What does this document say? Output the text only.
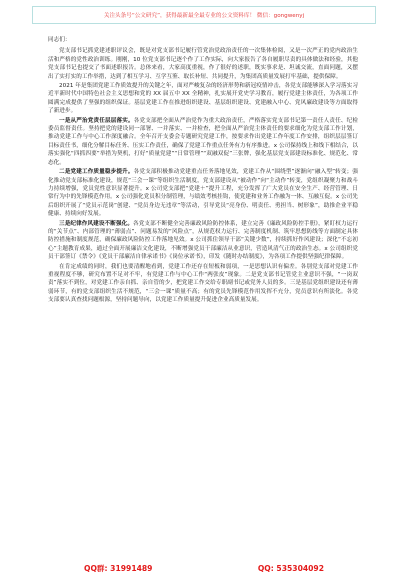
关注头条号“公文研究”，获得最新最全最专业的公文资料库！ 微信：gongwenyj

同志们：

党支部书记抓党建述职评议会，既是对党支部书记履行管党治党政治责任的一次集体检阅，又是一次严正的党内政治生活和严格的党性政治训练。刚刚，10 位党支部书记逐个作了工作实际，向大家报告了各自履职尽责的具体做法和经验，其他党支部书记也提交了书面述职报告。总体来看，大家高度重视，作了很好的述职，既实事求是、坦诚交流，直面问题，又摆出了实打实的工作举措，达到了相互学习、互学互鉴、取长补短、共同提升，为集团高质量发展打牢基础，提供保障。

2021 年是集团党建工作质效提升的关键之年，面对严峻复杂的经济形势和新冠疫情冲击，各党支部能够深入学习落实习近平新时代中国特色社会主义思想和党的 XX 届五中 XX 全精神，扎实展开党史学习教育，履行党建主体责任，为各项工作圆满完成提供了坚强的组织保证。基层党建工作在推进组织建设、基层组织建设、党建融入中心、党风廉政建设等方面取得了新进步。

一是从严治党责任层层落实。各党支部把全面从严治党作为重大政治责任，严格落实党支部书记第一责任人责任、纪检委员监督责任。坚持把党的建设同一部署、一并落实、一并检查，把全面从严治党主体责任的要求细化为党支部工作计划，推动党建工作与中心工作深度融合。全年召开支委会专题研究党建工作，按要求作出党建工作年度工作安排，组织层层签订目标责任书，细化分解目标任务、压实工作责任，确保了党建工作重点任务有力有序推进。x 公司保持线上和线下相结合，以落实强化“四抓四要”举措为契机，打好“质量党建”“日常管理”“双融双促”三张牌，强化基层党支部建设标准化、规范化、常态化。

二是党建工作质量稳步提升。各党支部积极推动党建重点任务落地见效，党建工作从“围绕型”逐渐向“融入型”转变；强化推动党支部标准化建设，规范“三会一课”等组织生活制度，党支部建设从“被动作”向“主动作”转变，党组织凝聚力和战斗力持续增强，党员党性意识显著提升。x 公司党支部把“党建＋”提升工程，充分发挥了广大党员在安全生产、经营管理、日常行为中的先锋模范作用。x 公司强化党员积分制管理，与绩效考核挂钩，使党建和业务工作融为一体、互融互促。x 公司先后组织开展了“党员示范岗”创建、“党员身边无违章”等活动，引导党员“亮身份、明责任、勇担当、树形象”，助推企业平稳健康、持续向好发展。

三是纪律作风建设不断强化。各党支部不断健全完善廉政风险防控体系，建立完善《廉政风险防控手册》，紧盯权力运行的“关节点”、内部管理的“薄弱点”、问题易发的“风险点”，从规范权力运行、完善制度机制、筑牢思想防线等方面制定具体防控措施和制度规范，确保廉政风险防控工作落地见效。x 公司抓住领导干部“关键少数”，持续抓好作风建设；深化“不忘初心”主题教育成果，通过全面开展廉洁文化建设，不断增强党员干部廉洁从业意识，营造风清气正的政治生态。x 公司组织党员干部签订《禁令》《党员干部廉洁自律承诺书》《岗位承诺书》，印发《随时办结制度》，为各项工作提供坚强纪律保障。

在肯定成绩的同时，我们也要清醒地看到，党建工作还存在短板和弱项，一是思想认识有偏差。各别党支部对党建工作重视程度不够，研究布置不足对不牢，有党建工作与中心工作“两张皮”现象。二是党支部书记管党主业意识不强，“一岗双责”落实不到位，对党建工作亲自抓、亲自管的少，把党建工作交给专职副书记或党务人员的多。三是基层党组织建设还有薄弱环节，有的党支部组织生活不规范，“三会一课”质量不高；有的党员先锋模范作用发挥不充分，党员意识有所淡化。各党支部要认真查找问题根源，坚持问题导向，以党建工作质量提升促进企业高质量发展。

QQ群: 31991489	QQ: 535304092
